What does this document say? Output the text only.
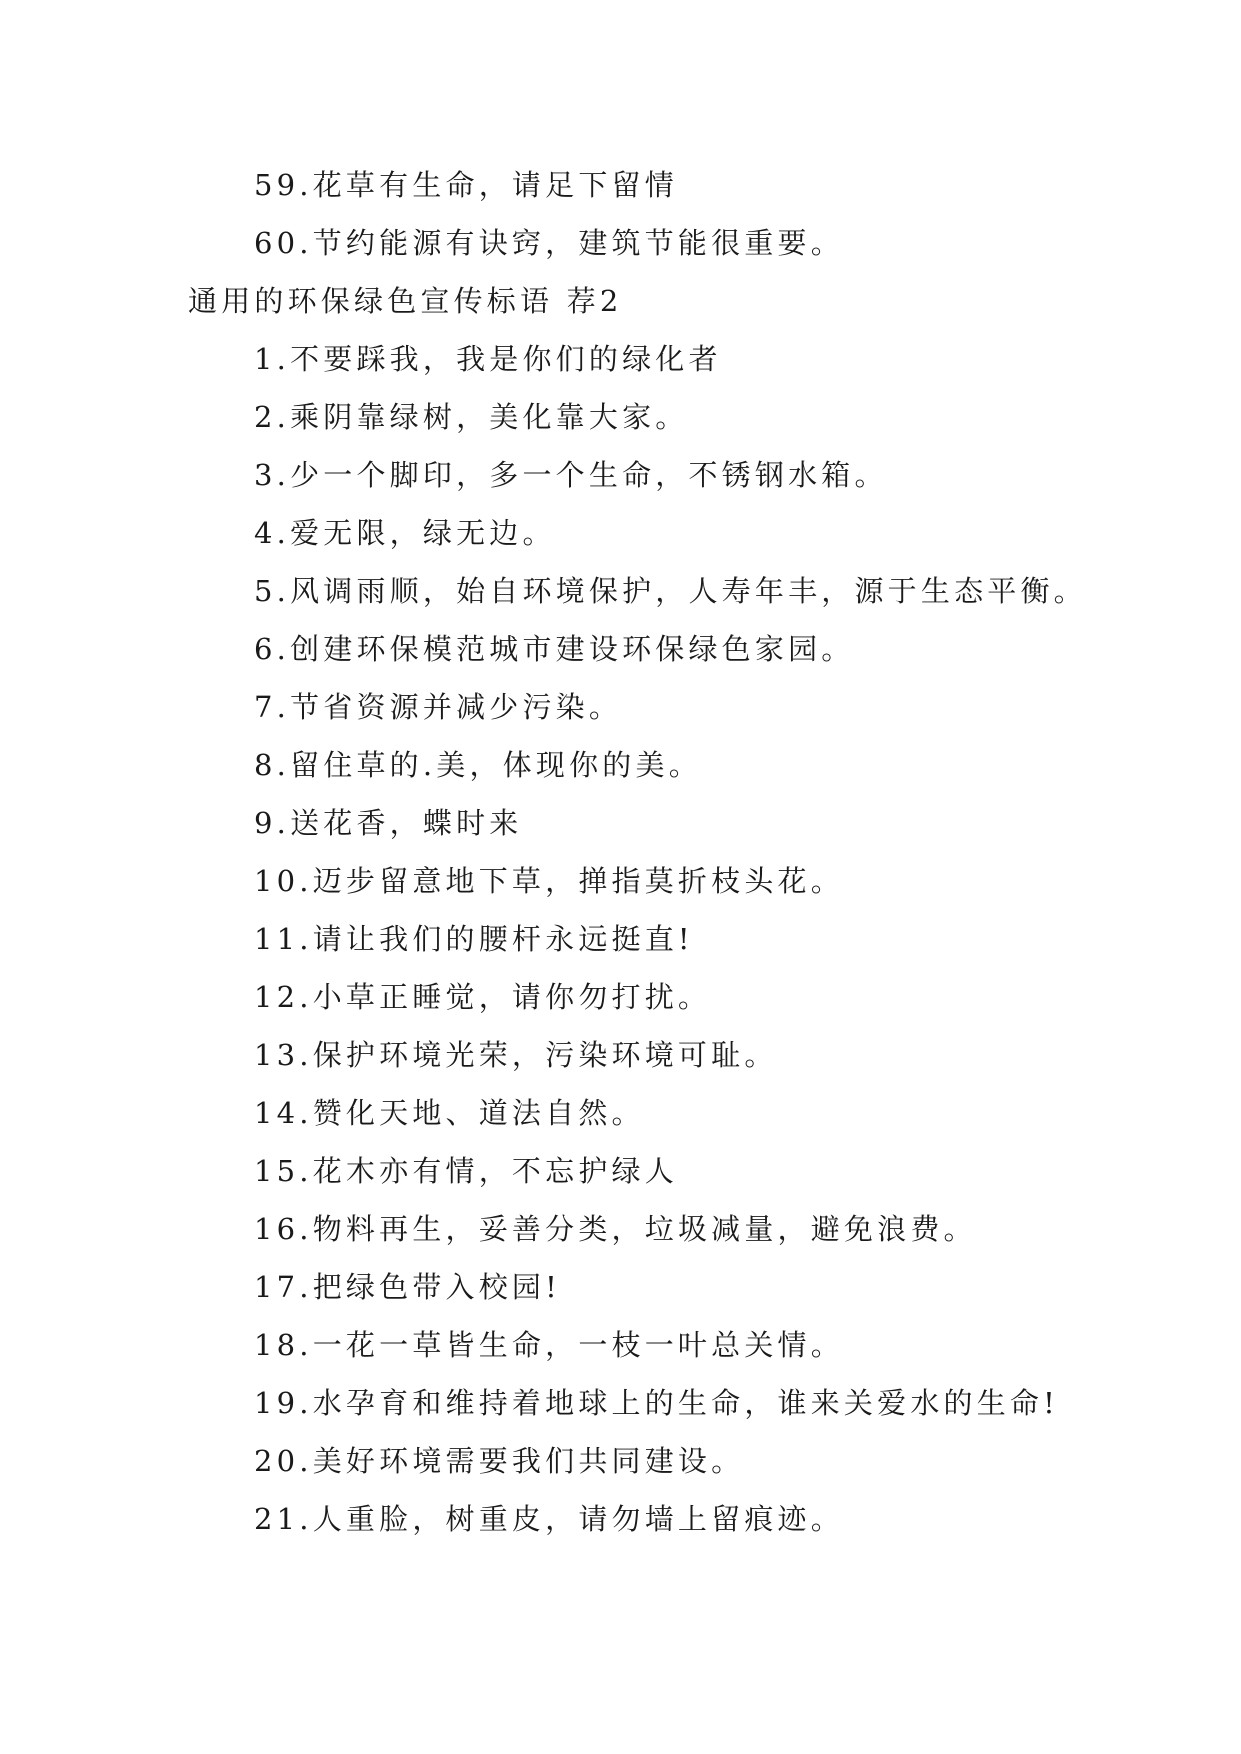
59.花草有生命，请足下留情
60.节约能源有诀窍，建筑节能很重要。
通用的环保绿色宣传标语 荐2
1.不要踩我，我是你们的绿化者
2.乘阴靠绿树，美化靠大家。
3.少一个脚印，多一个生命，不锈钢水箱。
4.爱无限，绿无边。
5.风调雨顺，始自环境保护，人寿年丰，源于生态平衡。
6.创建环保模范城市建设环保绿色家园。
7.节省资源并减少污染。
8.留住草的.美，体现你的美。
9.送花香，蝶时来
10.迈步留意地下草，掸指莫折枝头花。
11.请让我们的腰杆永远挺直!
12.小草正睡觉，请你勿打扰。
13.保护环境光荣，污染环境可耻。
14.赞化天地、道法自然。
15.花木亦有情，不忘护绿人
16.物料再生，妥善分类，垃圾减量，避免浪费。
17.把绿色带入校园!
18.一花一草皆生命，一枝一叶总关情。
19.水孕育和维持着地球上的生命，谁来关爱水的生命!
20.美好环境需要我们共同建设。
21.人重脸，树重皮，请勿墙上留痕迹。
